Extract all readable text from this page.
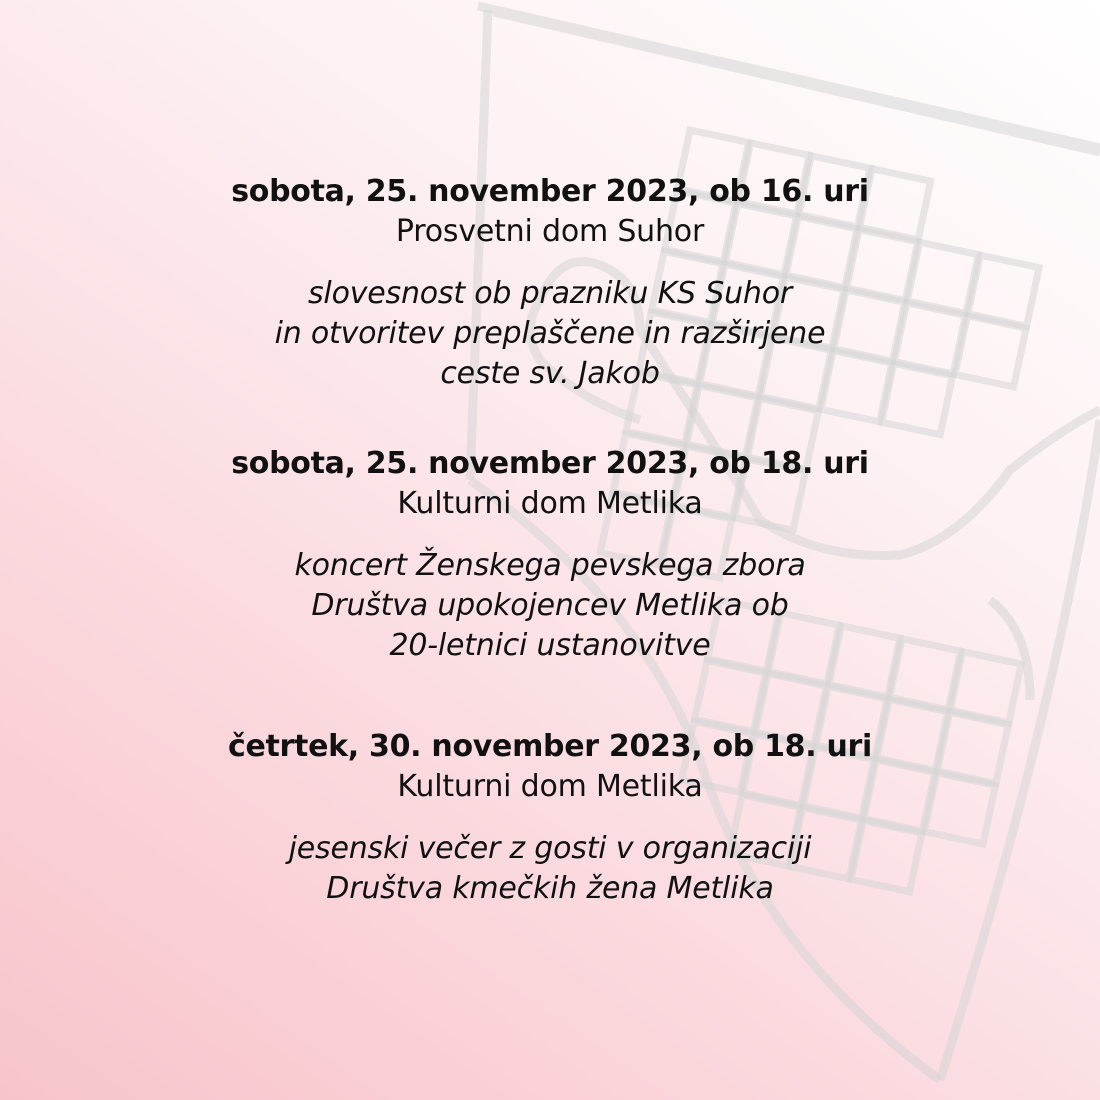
sobota, 25. november 2023, ob 16. uri
Prosvetni dom Suhor
slovesnost ob prazniku KS Suhor
in otvoritev preplaščene in razširjene
ceste sv. Jakob
sobota, 25. november 2023, ob 18. uri
Kulturni dom Metlika
koncert Ženskega pevskega zbora
Društva upokojencev Metlika ob
20-letnici ustanovitve
četrtek, 30. november 2023, ob 18. uri
Kulturni dom Metlika
jesenski večer z gosti v organizaciji
Društva kmečkih žena Metlika
